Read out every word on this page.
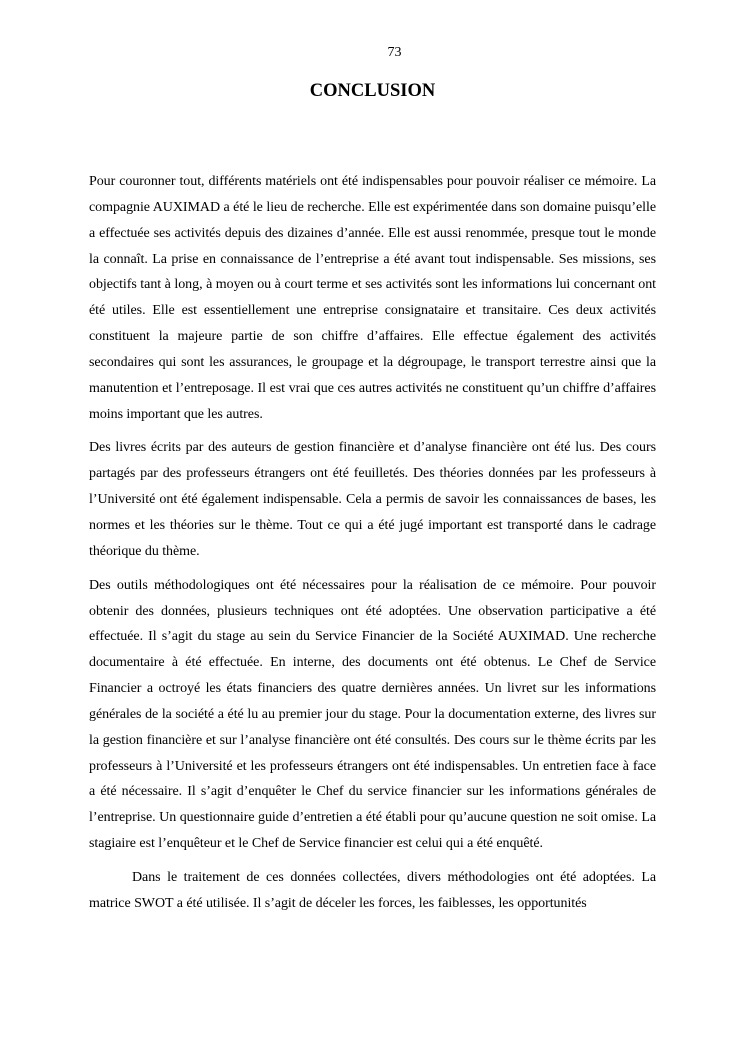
73
CONCLUSION

Pour couronner tout, différents matériels ont été indispensables pour pouvoir réaliser ce mémoire. La compagnie AUXIMAD a été le lieu de recherche. Elle est expérimentée dans son domaine puisqu’elle a effectuée ses activités depuis des dizaines d’année. Elle est aussi renommée, presque tout le monde la connaît. La prise en connaissance de l’entreprise a été avant tout indispensable. Ses missions, ses objectifs tant à long, à moyen ou à court terme et ses activités sont les informations lui concernant ont été utiles. Elle est essentiellement une entreprise consignataire et transitaire. Ces deux activités constituent la majeure partie de son chiffre d’affaires. Elle effectue également des activités secondaires qui sont les assurances, le groupage et la dégroupage, le transport terrestre ainsi que la manutention et l’entreposage. Il est vrai que ces autres activités ne constituent qu’un chiffre d’affaires moins important que les autres.

Des livres écrits par des auteurs de gestion financière et d’analyse financière ont été lus. Des cours partagés par des professeurs étrangers ont été feuilletés. Des théories données par les professeurs à l’Université ont été également indispensable. Cela a permis de savoir les connaissances de bases, les normes et les théories sur le thème. Tout ce qui a été jugé important est transporté dans le cadrage théorique du thème.

Des outils méthodologiques ont été nécessaires pour la réalisation de ce mémoire. Pour pouvoir obtenir des données, plusieurs techniques ont été adoptées. Une observation participative a été effectuée. Il s’agit du stage au sein du Service Financier de la Société AUXIMAD. Une recherche documentaire à été effectuée. En interne, des documents ont été obtenus. Le Chef de Service Financier a octroyé les états financiers des quatre dernières années. Un livret sur les informations générales de la société a été lu au premier jour du stage. Pour la documentation externe, des livres sur la gestion financière et sur l’analyse financière ont été consultés. Des cours sur le thème écrits par les professeurs à l’Université et les professeurs étrangers ont été indispensables. Un entretien face à face a été nécessaire. Il s’agit d’enquêter le Chef du service financier sur les informations générales de l’entreprise. Un questionnaire guide d’entretien a été établi pour qu’aucune question ne soit omise. La stagiaire est l’enquêteur et le Chef de Service financier est celui qui a été enquêté.

Dans le traitement de ces données collectées, divers méthodologies ont été adoptées. La matrice SWOT a été utilisée. Il s’agit de déceler les forces, les faiblesses, les opportunités
